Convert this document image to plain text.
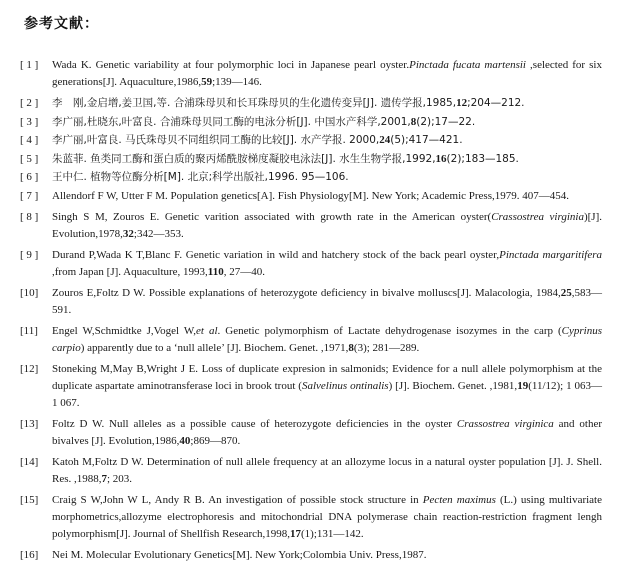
参考文献：
[ 1 ]	Wada K. Genetic variability at four polymorphic loci in Japanese pearl oyster.Pinctada fucata martensii ,selected for six generations[J]. Aquaculture,1986,59;139—146.
[ 2 ]	李　刚,金启增,姜卫国,等. 合浦珠母贝和长耳珠母贝的生化遗传变异[J]. 遗传学报,1985,12;204—212.
[ 3 ]	李广丽,杜晓东,叶富良. 合浦珠母贝同工酶的电泳分析[J]. 中国水产科学,2001,8(2);17—22.
[ 4 ]	李广丽,叶富良. 马氏珠母贝不同组织同工酶的比较[J]. 水产学报. 2000,24(5);417—421.
[ 5 ]	朱蓝菲. 鱼类同工酶和蛋白质的聚丙烯酰胺梯度凝胶电泳法[J]. 水生生物学报,1992,16(2);183—185.
[ 6 ]	王中仁. 植物等位酶分析[M]. 北京;科学出版社,1996. 95—106.
[ 7 ]	Allendorf F W, Utter F M. Population genetics[A]. Fish Physiology[M]. New York; Academic Press,1979. 407—454.
[ 8 ]	Singh S M, Zouros E. Genetic varition associated with growth rate in the American oyster(Crassostrea virginia)[J]. Evolution,1978,32;342—353.
[ 9 ]	Durand P,Wada K T,Blanc F. Genetic variation in wild and hatchery stock of the back pearl oyster,Pinctada margaritifera ,from Japan [J]. Aquaculture, 1993,110, 27—40.
[10]	Zouros E,Foltz D W. Possible explanations of heterozygote deficiency in bivalve molluscs[J]. Malacologia, 1984,25,583—591.
[11]	Engel W,Schmidtke J,Vogel W,et al. Genetic polymorphism of Lactate dehydrogenase isozymes in the carp (Cyprinus carpio) apparently due to a ‘null allele’ [J]. Biochem. Genet. ,1971,8(3); 281—289.
[12]	Stoneking M,May B,Wright J E. Loss of duplicate expresion in salmonids; Evidence for a null allele polymorphism at the duplicate aspartate aminotransferase loci in brook trout (Salvelinus ontinalis) [J]. Biochem. Genet. ,1981,19(11/12); 1 063—1 067.
[13]	Foltz D W. Null alleles as a possible cause of heterozygote deficiencies in the oyster Crassostrea virginica and other bivalves [J]. Evolution,1986,40;869—870.
[14]	Katoh M,Foltz D W. Determination of null allele frequency at an allozyme locus in a natural oyster population [J]. J. Shell. Res. ,1988,7; 203.
[15]	Craig S W,John W L, Andy R B. An investigation of possible stock structure in Pecten maximus (L.) using multivariate morphometrics,allozyme electrophoresis and mitochondrial DNA polymerase chain reaction-restriction fragment lengh polymorphism[J]. Journal of Shellfish Research,1998,17(1);131—142.
[16]	Nei M. Molecular Evolutionary Genetics[M]. New York;Colombia Univ. Press,1987.
